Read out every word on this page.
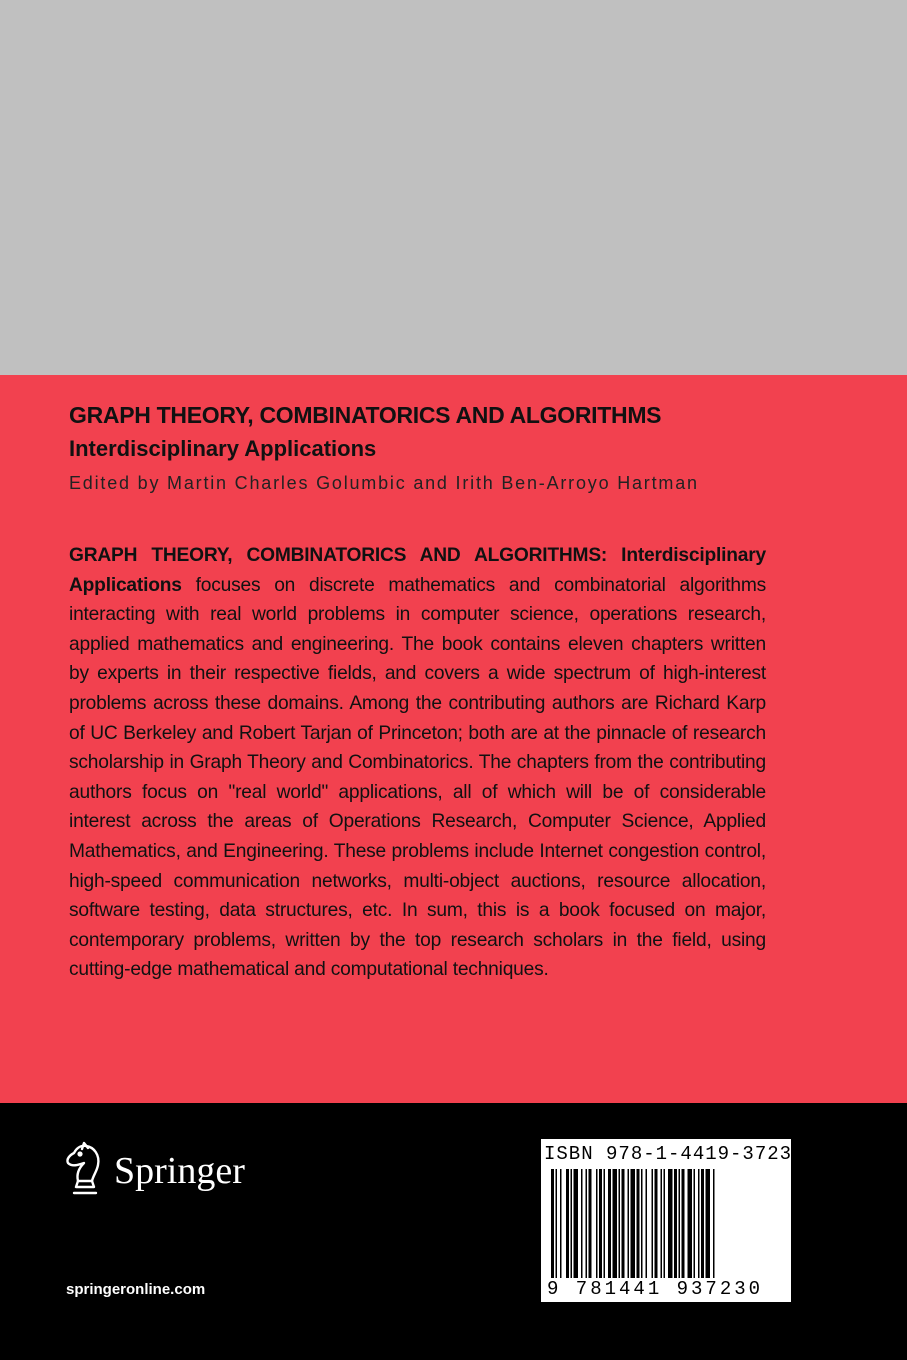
GRAPH THEORY, COMBINATORICS AND ALGORITHMS
Interdisciplinary Applications
Edited by Martin Charles Golumbic and Irith Ben-Arroyo Hartman
GRAPH THEORY, COMBINATORICS AND ALGORITHMS: Interdisciplinary Applications focuses on discrete mathematics and combinatorial algorithms interacting with real world problems in computer science, operations research, applied mathematics and engineering. The book contains eleven chapters written by experts in their respective fields, and covers a wide spectrum of high-interest problems across these domains. Among the contributing authors are Richard Karp of UC Berkeley and Robert Tarjan of Princeton; both are at the pinnacle of research scholarship in Graph Theory and Combinatorics. The chapters from the contributing authors focus on "real world" applications, all of which will be of considerable interest across the areas of Operations Research, Computer Science, Applied Mathematics, and Engineering. These problems include Internet congestion control, high-speed communication networks, multi-object auctions, resource allocation, software testing, data structures, etc. In sum, this is a book focused on major, contemporary problems, written by the top research scholars in the field, using cutting-edge mathematical and computational techniques.
Springer
springeronline.com
ISBN 978-1-4419-3723-0
9 781441 937230
